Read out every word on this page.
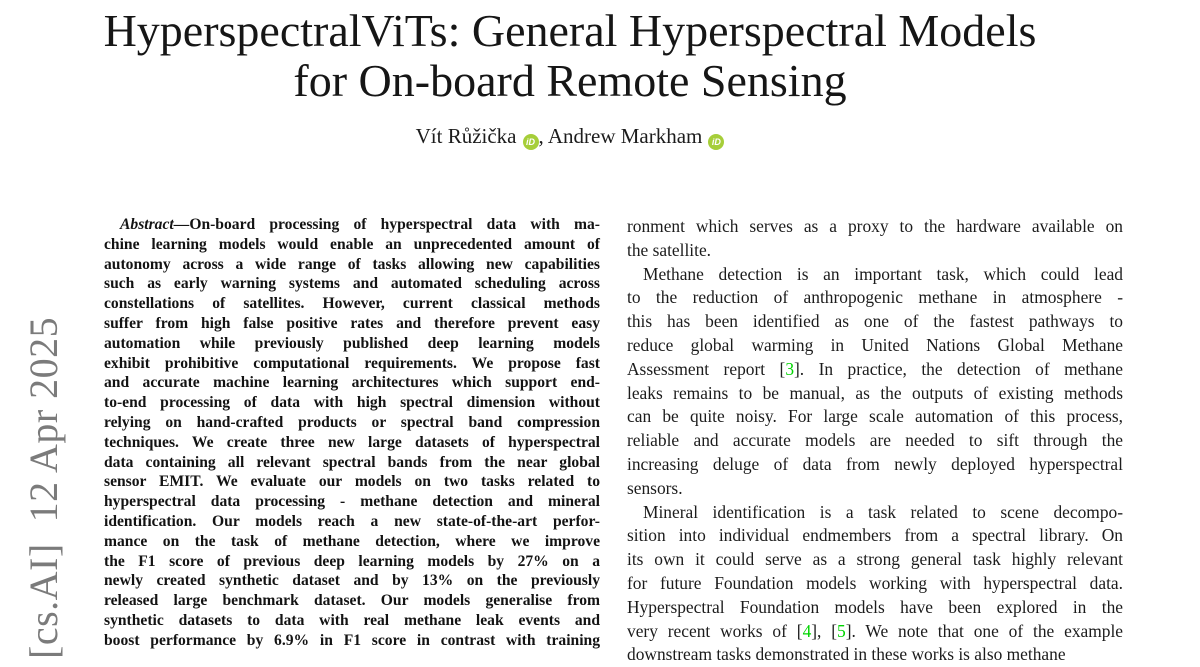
[cs.AI]  12 Apr 2025
HyperspectralViTs: General Hyperspectral Models
for On-board Remote Sensing
Vít Růžička iD , Andrew Markham iD
Abstract—On-board processing of hyperspectral data with ma-
chine learning models would enable an unprecedented amount of
autonomy across a wide range of tasks allowing new capabilities
such as early warning systems and automated scheduling across
constellations of satellites. However, current classical methods
suffer from high false positive rates and therefore prevent easy
automation while previously published deep learning models
exhibit prohibitive computational requirements. We propose fast
and accurate machine learning architectures which support end-
to-end processing of data with high spectral dimension without
relying on hand-crafted products or spectral band compression
techniques. We create three new large datasets of hyperspectral
data containing all relevant spectral bands from the near global
sensor EMIT. We evaluate our models on two tasks related to
hyperspectral data processing - methane detection and mineral
identification. Our models reach a new state-of-the-art perfor-
mance on the task of methane detection, where we improve
the F1 score of previous deep learning models by 27% on a
newly created synthetic dataset and by 13% on the previously
released large benchmark dataset. Our models generalise from
synthetic datasets to data with real methane leak events and
boost performance by 6.9% in F1 score in contrast with training
ronment which serves as a proxy to the hardware available on
the satellite.
Methane detection is an important task, which could lead
to the reduction of anthropogenic methane in atmosphere -
this has been identified as one of the fastest pathways to
reduce global warming in United Nations Global Methane
Assessment report [3]. In practice, the detection of methane
leaks remains to be manual, as the outputs of existing methods
can be quite noisy. For large scale automation of this process,
reliable and accurate models are needed to sift through the
increasing deluge of data from newly deployed hyperspectral
sensors.
Mineral identification is a task related to scene decompo-
sition into individual endmembers from a spectral library. On
its own it could serve as a strong general task highly relevant
for future Foundation models working with hyperspectral data.
Hyperspectral Foundation models have been explored in the
very recent works of [4], [5]. We note that one of the example
downstream tasks demonstrated in these works is also methane
